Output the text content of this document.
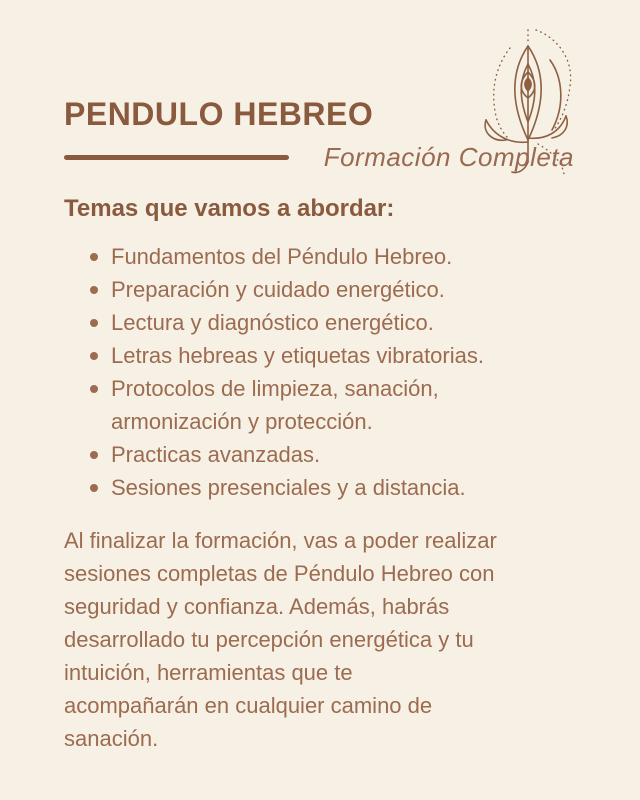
PENDULO HEBREO
Formación Completa
Temas que vamos a abordar:
Fundamentos del Péndulo Hebreo.
Preparación y cuidado energético.
Lectura y diagnóstico energético.
Letras hebreas y etiquetas vibratorias.
Protocolos de limpieza, sanación,
armonización y protección.
Practicas avanzadas.
Sesiones presenciales y a distancia.
Al finalizar la formación, vas a poder realizar
sesiones completas de Péndulo Hebreo con
seguridad y confianza. Además, habrás
desarrollado tu percepción energética y tu
intuición, herramientas que te
acompañarán en cualquier camino de
sanación.
